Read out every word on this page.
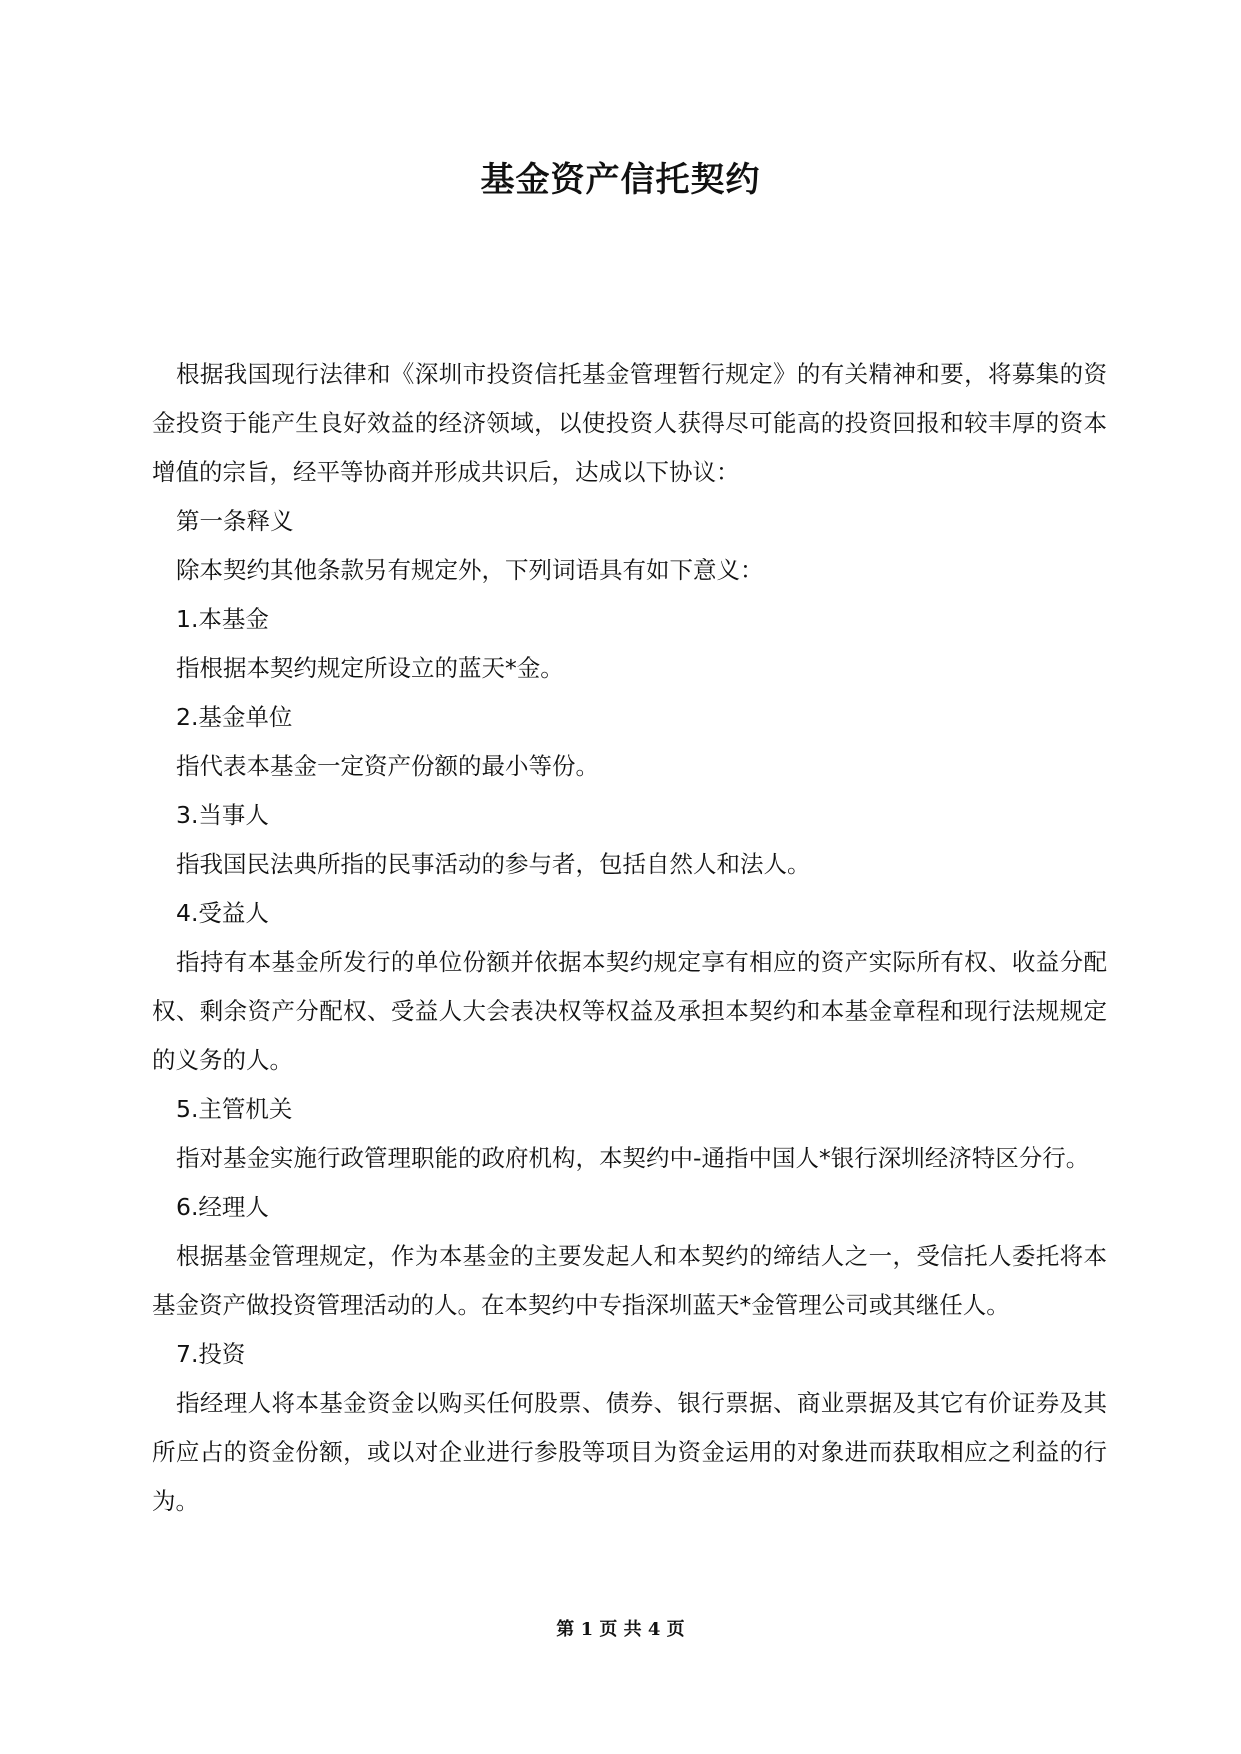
基金资产信托契约

根据我国现行法律和《深圳市投资信托基金管理暂行规定》的有关精神和要，将募集的资金投资于能产生良好效益的经济领域，以使投资人获得尽可能高的投资回报和较丰厚的资本增值的宗旨，经平等协商并形成共识后，达成以下协议：

第一条释义

除本契约其他条款另有规定外，下列词语具有如下意义：

1.本基金

指根据本契约规定所设立的蓝天*金。

2.基金单位

指代表本基金一定资产份额的最小等份。

3.当事人

指我国民法典所指的民事活动的参与者，包括自然人和法人。

4.受益人

指持有本基金所发行的单位份额并依据本契约规定享有相应的资产实际所有权、收益分配权、剩余资产分配权、受益人大会表决权等权益及承担本契约和本基金章程和现行法规规定的义务的人。

5.主管机关

指对基金实施行政管理职能的政府机构，本契约中-通指中国人*银行深圳经济特区分行。

6.经理人

根据基金管理规定，作为本基金的主要发起人和本契约的缔结人之一，受信托人委托将本基金资产做投资管理活动的人。在本契约中专指深圳蓝天*金管理公司或其继任人。

7.投资

指经理人将本基金资金以购买任何股票、债券、银行票据、商业票据及其它有价证券及其所应占的资金份额，或以对企业进行参股等项目为资金运用的对象进而获取相应之利益的行为。

第 1 页 共 4 页
